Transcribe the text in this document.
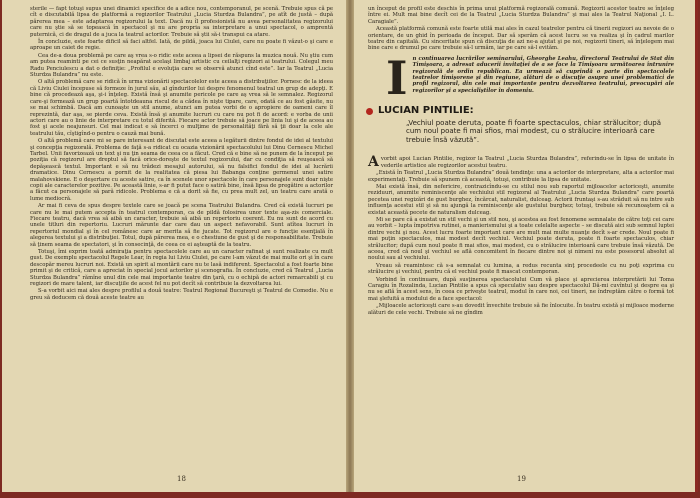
sterile — fapt totuşi supus unei dinamici specifice de a adice nou, contemporanul, pe scenă. Trebuie spus că pe cît e discutabilă lipsa de platformă a regizorilor Teatrului „Lucia Sturdza Bulandra”, pe atît de justă – după părerea mea – este adaptarea regizorului la text. Dacă nu îl profesionistă nu avea personalitatea regizorului care nu ştie să se topească în spectacol şi nu are propria sa interpretare a unui spectacol, o amprentă puternică, ci de dragul de a juca la teatrul actorilor. Trebuie să ştii să-i transpui ca atare.

În concluzie, este foarte dificil să faci altfel. Iată, de pildă, joaca lui Ciulei, care nu poate fi văzut-o şi care e aproape un caiet de regie.

Cea de-a doua problemă pe care aş vrea s-o ridic este aceea a lipsei de răspuns la muzica nouă. Nu ştiu cum am putea reaminti pe cei ce susţin neapărat acelaşi limbaj artistic cu ceilalţi regizori ai teatrului. Colegul meu Radu Penciulescu a dat o definiţie: „Profilul e evoluţia care se observă atunci cînd este”. Iar la Teatrul „Lucia Sturdza Bulandra” nu este.

O altă problemă care se ridică în urma vizionării spectacolelor este aceea a distribuţiilor. Pornesc de la ideea că Liviu Ciulei începuse să formeze în jurul său, al gîndurilor lui despre fenomenul teatral un grup de adepţi. E bine că procedează aşa, şi-i înţeleg. Există însă şi anumite pericole pe care aş vrea să le semnalez. Regizorul care-şi formează un grup poartă întotdeauna riscul de a cădea în nişte tipare, care, odată ce au fost găsite, nu se mai schimbă. Dacă am cunoaşte un stil anume, atunci am putea vorbi de o apropiere de oameni care îl reprezintă, dar aşa, se pierde ceva. Există însă şi anumite lucruri cu care nu pot fi de acord: e vorba de unii actori care au o linie de interpretare cu totul diferită. Fiecare actor trebuie să joace pe linia lui şi de aceea au fost şi acele neajunsuri. Cel mai indicat e să încerci o mulţime de personalităţi fără să ţii doar la cele ale teatrului tău, cîştigînd-o pentru o cauză mai bună.

O altă problemă care mi se pare interesant de discutat este aceea a legăturii dintre fondul de idei al textului şi concepţia regizorală. Problema de faţă s-a ridicat cu ocazia vizionării spectacolului lui Dinu Cernescu Michel Tarbel. Unii favorizează un text şi nu ţin seama de ceea ce a făcut. Cred că e bine să ne punem de la început pe poziţia că regizorul are dreptul să facă orice-doreşte de textul regizorului, dar cu condiţia să reuşească să depăşească textul. Important e să nu trădezi mesajul autorului, să nu falsifici fondul de idei al lucrării dramatice. Dinu Cernescu a pornit de la realitatea că piesa lui Babanga conţine germenul unei satire malahovskiene. E o deşertare cu aceste satire, ca în scenele unor spectacole în care personajele sunt doar nişte copii ale caracterelor pozitive. Pe această linie, s-ar fi putut face o satiră bine, însă lipsa de pregătire a actorilor a făcut ca personajele să pară ridicole. Problema e că a dorit să fie, cu prea mult zel, un teatru care arată o lume mediocră.

Ar mai fi ceva de spus despre textele care se joacă pe scena Teatrului Bulandra. Cred că există lucruri pe care nu le mai putem accepta în teatrul contemporan, ca de pildă folosirea unor texte aşa-zis comerciale. Fiecare teatru, dacă vrea să aibă un caracter, trebuie să aibă un repertoriu coerent. Eu nu sunt de acord cu unele titluri din repertoriu. Lucruri mărunte dar care dau un aspect nefavorabil. Sunt atîtea lucruri în repertoriul mondial şi în cel românesc care ar merita să fie jucate. Tot regizorul are o funcţie esenţială în alegerea textului şi a distribuţiei. Totul, după părerea mea, e o chestiune de gust şi de responsabilitate. Trebuie să ţinem seama de spectatori, şi în consecinţă, de ceea ce ei aşteaptă de la teatru.

Totuşi, îmi exprim toată admiraţia pentru spectacolele care au un caracter rafinat şi sunt realizate cu mult gust. De exemplu spectacolul Regele Lear, în regia lui Liviu Ciulei, pe care l-am văzut de mai multe ori şi în care descopăr mereu lucruri noi. Există un spirit al montării care nu te lasă indiferent. Spectacolul a fost foarte bine primit şi de critică, care a apreciat în special jocul actorilor şi scenografia. În concluzie, cred că Teatrul „Lucia Sturdza Bulandra” rămîne unul din cele mai importante teatre din ţară, cu o echipă de actori remarcabili şi cu regizori de mare talent, iar discuţiile de acest fel nu pot decît să contribuie la dezvoltarea lui.

S-a vorbit aici mai ales despre profilul a două teatre: Teatrul Regional Bucureşti şi Teatrul de Comedie. Nu e greu să deducem că două aceste teatre au

18

un început de profil este deschis în prima unui platformă regizorală comună. Regizorii acestor teatre se înţeleg între ei. Mult mai bine decît cei de la Teatrul „Lucia Sturdza Bulandra” şi mai ales la Teatrul Naţional „I. L. Caragiale”.

Această platformă comună este foarte utilă mai ales în cazul teatrelor pentru că tinerii regizori au nevoie de o orientare, de un ghid în perioada de început. Dar să sperăm că acest lucru se va realiza şi în cadrul marilor teatre din capitală. Cu sinceritate spun că discuţia de azi ne-a ajutat şi pe noi, regizorii tineri, să înţelegem mai bine care e drumul pe care trebuie să-l urmăm, iar pe care să-l evităm.

I n continuarea lucrărilor seminarului, Gheorghe Leahu, directorul Teatrului de Stat din Timişoara, a adresat aducerii invitaţiei de a se face la Timişoara următoarea întrunire regizorală de ordin republican. Ea urmează să cuprindă o parte din spectacolele teatrelor timişorene şi din regiune, alături de o discuţie asupra unei problematici de profil regizoral, din cele mai importante pentru dezvoltarea teatrului, preocupări ale regizorilor şi a specialiştilor în domeniu.
LUCIAN PINTILIE:
„Vechiul poate deruta, poate fi foarte spectaculos, chiar strălucitor; după cum noul poate fi mai sfios, mai modest, cu o strălucire interioară care trebuie însă văzută”.

Avorbit apoi Lucian Pintilie, regizor la Teatrul „Lucia Sturdza Bulandra”, referindu-se în lipsa de unitate în vederile artistice ale regizorilor acestui teatru.

„Există în Teatrul „Lucia Sturdza Bulandra” două tendinţe: una a actorilor de interpretare, alta a actorilor mai experimentaţi. Trebuie să spunem că această, totuşi, contribuie la lipsa de unitate.

Mai există însă, din nefericire, contrazicîndu-se cu stilul nou sub raportul mijloacelor actoriceşti, anumite reziduuri, anumite reminiscenţe ale vechiului stil regizoral al Teatrului „Lucia Sturdza Bulandra” care poartă pecetea unei regizări de gust burghez, încărcat, naturalist, dulceag. Actorii fruntaşi s-au străduit să nu intre sub influenţa acestui stil şi să nu ajungă la reminiscenţe ale gustului burghez; totuşi, trebuie să recunoaştem că a existat această pecete de naturalism dulceag.

Mi se pare că a existat un stil vechi şi un stil nou, şi acestea au fost fenomene semnalate de către toţi cei care au vorbit – lupta împotriva rutinei, a manierismului şi a toate celelalte aspecte – se discută aici sub semnul luptei dintre vechi şi nou. Acest lucru foarte important care are mult mai multe nuanţe decît s-ar crede. Noul poate fi mai puţin spectaculos, mai modest decît vechiul. Vechiul poate deruta, poate fi foarte spectaculos, chiar strălucitor; după cum noul poate fi mai sfios, mai modest, cu o strălucire interioară care trebuie însă văzută. De aceea, cred că noul şi vechiul se află concomitent în fiecare dintre noi şi nimeni nu este posesorul absolut al noului sau al vechiului.

Vreau să reamintesc că s-a semnalat cu lumina, a redus recunta sinţ procedeele cu nu poţi exprima cu strălucire şi vechiul, pentru că el vechiul poate fi mascat contemporan.

Vorbind în continuare, după susţinerea spectacolului Cum vă place şi aprecierea interpretării lui Toma Caragiu în Rozalinda, Lucian Pintilie a spus că speculativ sau despre spectacolul Dă-mi cuvîntul şi despre ea şi nu se află în acest sens, în ceea ce priveşte teatrul, modul în care noi, cei tineri, ne îndreptăm către o formă tot mai şlefuită a modului de a face spectacol:

„Mijloacele actoriceşti care s-au dovedit învechite trebuie să fie înlocuite. În teatru există și mijloace moderne alături de cele vechi. Trebuie să ne gîndim

19
